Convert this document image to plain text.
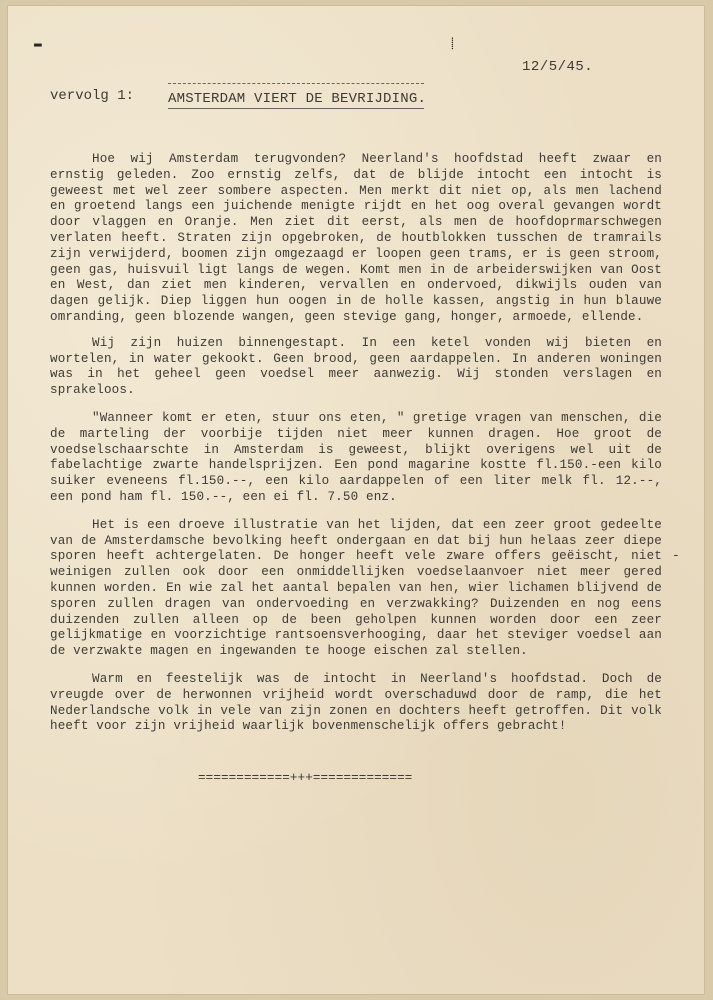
▬	⸽
12/5/45.
vervolg 1: AMSTERDAM VIERT DE BEVRIJDING.

Hoe wij Amsterdam terugvonden? Neerland's hoofdstad heeft zwaar en ernstig geleden. Zoo ernstig zelfs, dat de blijde intocht een intocht is geweest met wel zeer sombere aspecten. Men merkt dit niet op, als men lachend en groetend langs een juichende menigte rijdt en het oog overal gevangen wordt door vlaggen en Oranje. Men ziet dit eerst, als men de hoofdoprmarschwegen verlaten heeft. Straten zijn opgebroken, de houtblokken tusschen de tramrails zijn verwijderd, boomen zijn omgezaagd er loopen geen trams, er is geen stroom, geen gas, huisvuil ligt langs de wegen. Komt men in de arbeiderswijken van Oost en West, dan ziet men kinderen, vervallen en ondervoed, dikwijls ouden van dagen gelijk. Diep liggen hun oogen in de holle kassen, angstig in hun blauwe omranding, geen blozende wangen, geen stevige gang, honger, armoede, ellende.

Wij zijn huizen binnengestapt. In een ketel vonden wij bieten en wortelen, in water gekookt. Geen brood, geen aardappelen. In anderen woningen was in het geheel geen voedsel meer aanwezig. Wij stonden verslagen en sprakeloos.

"Wanneer komt er eten, stuur ons eten, " gretige vragen van menschen, die de marteling der voorbije tijden niet meer kunnen dragen. Hoe groot de voedselschaarschte in Amsterdam is geweest, blijkt overigens wel uit de fabelachtige zwarte handelsprijzen. Een pond magarine kostte fl.150.-een kilo suiker eveneens fl.150.--, een kilo aardappelen of een liter melk fl. 12.--, een pond ham fl. 150.--, een ei fl. 7.50 enz.

Het is een droeve illustratie van het lijden, dat een zeer groot gedeelte van de Amsterdamsche bevolking heeft ondergaan en dat bij hun helaas zeer diepe sporen heeft achtergelaten. De honger heeft vele zware offers geëischt, niet weinigen zullen ook door een onmiddellijken voedselaanvoer niet meer gered kunnen worden. En wie zal het aantal bepalen van hen, wier lichamen blijvend de sporen zullen dragen van ondervoeding en verzwakking? Duizenden en nog eens duizenden zullen alleen op de been geholpen kunnen worden door een zeer gelijkmatige en voorzichtige rantsoensverhooging, daar het steviger voedsel aan de verzwakte magen en ingewanden te hooge eischen zal stellen.

Warm en feestelijk was de intocht in Neerland's hoofdstad. Doch de vreugde over de herwonnen vrijheid wordt overschaduwd door de ramp, die het Nederlandsche volk in vele van zijn zonen en dochters heeft getroffen. Dit volk heeft voor zijn vrijheid waarlijk bovenmenschelijk offers gebracht!

-
============+++=============
